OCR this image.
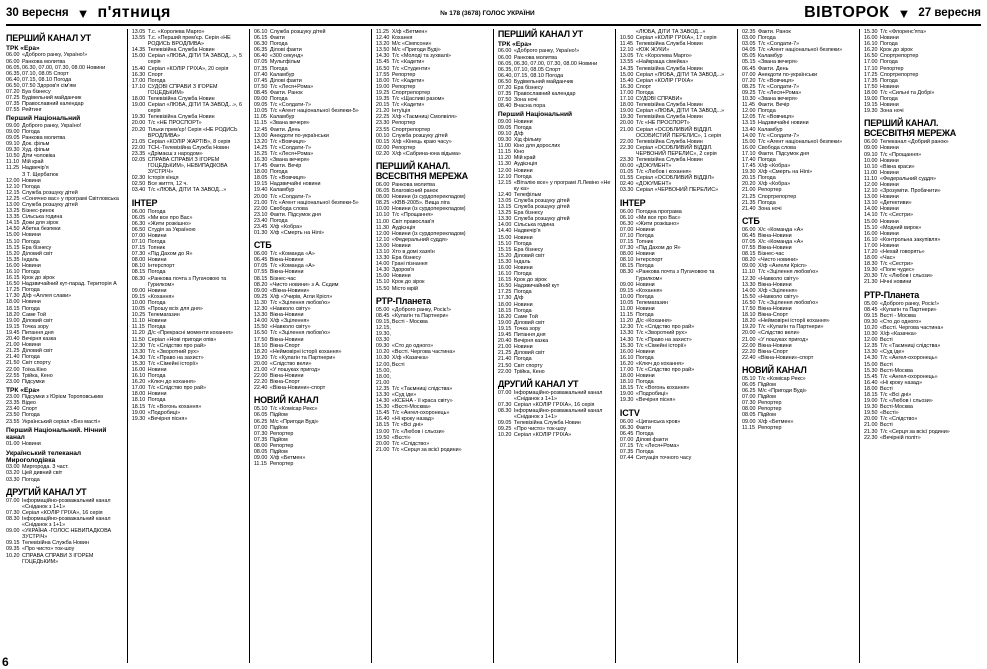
30 вересня ▼ п'ятниця	№ 178 (3678) ГОЛОС УКРАЇНИ	ВІВТОРОК ▼ 27 вересня
ПЕРШИЙ КАНАЛ УТ
ТРК «Ера»
06.00 «Доброго ранку, Україно!»
06.00 Ранкова молитва
06.05, 06.30, 07.00, 07.30, 08.00 Новини
06.35, 07.10, 08.05 Спорт
06.40, 07.15, 08.10 Погода
06.50, 07.50 Здоров'я сім'ям
07.20 Буа бізнесу
07.25 Будівельний майданчик
07.35 Православний календар
07.55 Рейтинг
Перший Національний
09.00 Доброго ранку, Україно!
09.00 Погода
09.05 Ранкова молитва
09.10 Док. фільм
09.30 Худ. фільм
10.50 Діти чоловіка
11.10 Мій край
11.25 Надвечір'я
З Т. Щербатюк
12.00 Новини
12.10 Погода
12.15 Служба розшуку дітей
12.25 «Сонячно вас» у програмі Світловська
13.00 Служба розшуку дітей
13.25 Бізнес-ринок
13.35 Сільська година
14.15 Доки для зірок
14.50 Абетка безпеки
15.00 Новини
15.10 Погода
15.15 Ера бізнесу
15.20 Діловий світ
15.35 Індаль
16.00 Новини
16.10 Погода
16.15 Крок до зірок
16.50 Надзвичайний кут-парад. Територія А
17.25 Погода
17.30 Д/ф «Аллея слави»
18.00 Новини
18.15 Погода
18.20 Саме Той
19.00 Діловий світ
19.15 Точка зору
19.45 Питання дня
20.40 Вечірня казка
21.00 Новини
21.25 Діловий світ
21.40 Погода
21.50 Світ спорту
22.00 Тоїка.Кіно
22.55 Трійка, Кено
23.00 Підсумки
ТРК «Ера»
23.00 Підсумки з Юрієм Тороповським
23.35 Відео
23.40 Спорт
23.50 Погода
23.55 Український серіал «Без масті»
Перший Національний. Нічний канал
01.00 Новини
Український телеканал Мироголодівка
03.00 Миргорода. 3 част.
03.20 Цей дивний світ
03.30 Погода
ДРУГИЙ КАНАЛ УТ
07.00 Інформаційно-розважальний канал «Сніданок з 1+1»
07.30 Серіал «КОЛІР ГРІХА», 16 серія
08.30 Інформаційно-розважальний канал «Сніданок з 1+1»
09.00 «УКРАЇНА -ГОЛОС НЕВИПАДКОВА ЗУСТРІЧ»
09.15 Телевізійна Служба Новин
09.35 «Про чисто» ток-шоу
10.20 СПРАВА СПРАВИ З ІГОРЕМ ГОЦЕДЬКИМ»
13.05 Т.с. «Королева Марго»
13.55 Т.с. «Перший прем'єр. Серія «НЕ РОДИСЬ ВРОДЛИВА»
14.35 Телевізійна Служба Новин
15.00 Серіал «ЛЮБА, ДІТИ ТА ЗАВОД...», 5 серія
15.40 Серіал «КОЛІР ГРІХА», 20 серія
16.30 Спорт
17.00 Погода
17.10 СУДОВІ СПРАВИ З ІГОРЕМ ГОЦЕДЬКИМ»
18.00 Телевізійна Служба Новин
19.00 Серіал «ЛЮБА, ДІТИ ТА ЗАВОД...», 6 серія
19.30 Телевізійна Служба Новин
20.00 Т/с «НЕ ПРОСПОРТ»
20.20 Тільки прем'єр! Серія «НЕ РОДИСЬ ВРОДЛИВА»
21.05 Серіал «КОЛІР ЖАРТІВ», 8 серія
22.00 ТСН.-Телевізійна Служба Новин
23.35 «Дрімаєш з народом»
02.05 СПРАВА СПРАВИ З ІГОРЕМ ГОЦЕДЬКИМ», НЕВИПАДКОВА ЗУСТРІЧ»
02.30 Історія кінця
02.50 Все життя, 12 ч.
03.40 Т/с «ЛЮБА, ДІТИ ТА ЗАВОД...»
ІНТЕР
06.00 Погода
06.05 «Ми все про Вас»
06.30 «Жити розкішно»
06.50 Студія за Україною
07.00 Новини
07.10 Погода
07.15 Топник
07.30 «Під Дахом до Я»
08.00 Новини
08.10 Інтерспорт
08.15 Погода
08.30 «Ранкова почта з Пугачовою та Гурилком»
09.00 Новини
09.15 «Кохання»
10.00 Погода
10.05 «Прошу всіх для дня»
10.25 Телемагазин
11.10 Новини
11.15 Погода
11.20 Д/с «Прекрасні моменти кохання»
11.50 Серіал «Нові пригоди опів»
12.30 Т/с «Слідство про рай»
13.30 Т/с «Зворотний рух»
14.30 Т/с «Право на захист»
15.30 Т/с «Сімейні історії»
16.00 Новини
16.10 Погода
16.20 «Ключ до кохання»
17.00 Т/с «Слідство про рай»
18.00 Новини
18.10 Погода
18.15 Т/с «Вогонь кохання»
19.00 «Подробиці»
19.30 «Вечірня пісня»
06.10 Служба розшуку дітей
06.15 Факти
06.30 Погода
06.35 Ділові факти
06.40 «300 секунд»
07.05 Мультфільм
07.35 Погода
07.40 Каламбур
07.45 Ділові факти
07.50 Т/с «Леся+Рома»
08.45 Факти. Ранок
09.00 Погода
09.05 Т/с «Солдати-7»
10.05 Т/с «Агент національної безпеки-5»
11.05 Каламбур
11.15 «Звана вечеря»
12.45 Факти. День
13.00 Анекдоти по-українськи
13.20 Т/с «Вовчиця»
14.25 Т/с «Солдати-7»
15.25 Т/с «Леся+Рома»
16.30 «Звана вечеря»
17.45 Факти. Вечір
18.00 Погода
18.05 Т/с «Вовчиця»
19.15 Надзвичайні новини
19.40 Каламбур
20.00 Т/с «Солдати-7»
21.00 Т/с «Агент національної безпеки-5»
22.00 Свобода слова
23.10 Факти. Підсумок дня
23.40 Погода
23.45 Х/ф «Кобра»
01.30 Х/ф «Смерть на Нілі»
СТБ
06.00 Т/с «Команда «А»
06.45 Вікна-Новини
07.05 Т/с «Команда «А»
07.55 Вікна-Новини
08.15 Бізнес-час
08.20 «Чисто новини» з А. Сєдим
09.00 «Вікна-Новини»
09.25 Х/ф «Учирів, Агли Крісп»
11.30 Т/с «Зцілення любов'ю»
12.30 «Навколо світу»
13.30 Вікна-Новини
14.00 Х/ф «Зцілення»
15.50 «Навколо світу»
16.50 Т/с «Зцілення любов'ю»
17.50 Вікна-Новини
18.10 Вікна-Спорт
18.20 «Неймовірні історії кохання»
19.20 Т/с «Кулагін та Партнери»
20.00 «Слідство вели»
21.00 «У пошуках пригод»
22.00 Вікна-Новини
22.20 Вікна-Спорт
22.40 «Вікна-Новини»-спорт
НОВИЙ КАНАЛ
05.10 Т/с «Комісар Рекс»
06.05 Підйом
06.25 М/с «Пригоди Вуді»
07.00 Підйом
07.30 Репортер
07.35 Підйом
08.00 Репортер
08.05 Підйом
09.00 Х/ф «Бетмен»
11.15 Репортер
11.25 Х/ф «Бетмен»
12.40 Кохання
13.20 М/с «Сімпсони»
13.50 М/с «Пригоди Вуді»
14.30 Т/с «Молоді та зухвалі»
15.45 Т/с «Кадети»
16.50 Т/с «Студенти»
17.55 Репортер
18.00 Т/с «Кадети»
19.00 Репортер
19.25 Спортрепортер
19.35 Т/с «Щасливі разом»
20.15 Т/с «Кадети»
21.20 Інтуїція
22.25 Х/ф «Таємниці Смолвіля»
23.30 Репортер
23.55 Спортрепортер
00.10 Служба розшуку дітей
00.15 Х/ф «Кінець краю часу»
02.00 Репортер
02.20 Х/ф «Сабрина-юна відьма»
ПЕРШИЙ КАНАЛ. ВСЕСВІТНЯ МЕРЕЖА
06.00 Ранкова молитва
06.05 Благовісний ранок
08.00 Новини (із сурдоперекладом)
08.25 «КВВ-2005». Вища ліга
10.00 Новини (із сурдоперекладом)
10.10 Т/с «Прощання»
11.00 Світ православ'я
11.30 Аудієнція
12.00 Новини (із сурдоперекладом)
12.10 «Федеральний суддя»
13.00 Новини
13.10 Хто в домі хазяїн
13.30 Ера бізнесу
14.00 Грані пізнання
14.30 Здоров'я
15.00 Новини
15.10 Крок до зірок
15.50 Місто мрій
РТР-Планета
05.00 «Доброго ранку, Росіє!»
08.45 «Кулагін та Партнери»
09.15, 12.15, 19.30, 03.30
Вєсті - Москва
09.30 «Сто до одного»
10.20 «Вєсті. Чергова частина»
10.30 Х/ф «Казачка»
12.00, 15.00, 18.00, 21.00
Вєсті
12.35 Т/с «Таємниці слідства»
13.30 «Суд іде»
14.30 «КСЕНА - її краса світу»
15.30 «Вєсті-Москва»
15.45 Т/с «Ангел-охоронець»
16.40 «Ні кроку назад»
18.15 Т/с «Всі дні»
19.00 Т/с «Любов і сльози»
19.50 «Вєсті»
20.00 Т/с «Слідство»
21.00 Т/с «Серця за всієї родини»
ПЕРШИЙ КАНАЛ УТ
ТРК «Ера»
06.00 «Доброго ранку, Україно!»
06.00 Ранкова молитва
06.05, 06.30, 07.00, 07.30, 08.00 Новини
06.35, 07.10, 08.05 Спорт
06.40, 07.15, 08.10 Погода
06.50 Будівельний майданчик
07.20 Ера бізнесу
07.35 Православний календар
07.50 Зона ночі
08.40 Вчасна пора
Перший Національний
09.00 Новини
09.05 Погода
09.10 Д/ф
09.30 Хід фільму
11.00 Кіно для дорослих
11.15 Кіно
11.20 Мій край
11.30 Аудієнція
12.00 Новини
12.10 Погода
12.15 «Віталію все» у програмі Л.Левіно «Не ку ка»
12.40 Телефільм
13.05 Служба розшуку дітей
13.15 Служба розшуку дітей
13.25 Ера бізнесу
13.30 Служба розшуку дітей
14.00 Сільська година
14.40 Надвечір'я
15.00 Новини
15.10 Погода
15.15 Ера бізнесу
15.20 Діловий світ
15.30 Індаль
16.00 Новини
16.10 Погода
16.15 Крок до зірок
16.50 Надзвичайний кут
17.25 Погода
17.30 Д/ф
18.00 Новини
18.15 Погода
18.20 Саме Той
19.00 Діловий світ
19.15 Точка зору
19.45 Питання дня
20.40 Вечірня казка
21.00 Новини
21.25 Діловий світ
21.40 Погода
21.50 Світ спорту
22.00 Трійка, Кено
ДРУГИЙ КАНАЛ УТ
07.00 Інформаційно-розважальний канал «Сніданок з 1+1»
07.30 Серіал «КОЛІР ГРІХА», 16 серія
08.30 Інформаційно-розважальний канал «Сніданок з 1+1»
09.05 Телевізійна Служба Новин
09.25 «Про чисто» ток-шоу
10.20 Серіал «КОЛІР ГРІХА»
«ЛЮБА, ДІТИ ТА ЗАВОД...»
10.50 Серіал «КОЛІР ГРІХА», 17 серія
11.45 Телевізійна Служба Новин
12.10 «ЮЖ ЖУКИ»
13.05 Т/с «Королева Марго»
13.55 «Найкраща сімейка»
14.35 Телевізійна Служба Новин
15.00 Серіал «ЛЮБА, ДІТИ ТА ЗАВОД...»
15.40 Серіал «КОЛІР ГРІХА»
16.30 Спорт
17.00 Погода
17.10 СУДОВІ СПРАВИ»
18.00 Телевізійна Служба Новин
19.00 Серіал «ЛЮБА, ДІТИ ТА ЗАВОД...»
19.30 Телевізійна Служба Новин
20.00 Т/с «НЕ ПРОСПОРТ»
21.00 Серіал «ОСОБЛИВИЙ ВІДДІЛ. ОСОБИСТИЙ ПЕРЕЛИС», 1 серія
22.00 Телевізійна Служба Новин
22.30 Серіал «ОСОБЛИВИЙ ВІДДІЛ. ЧЕРВОНИЙ ПЕРЕЛИС», 2 серія
23.30 Телевізійна Служба Новин
00.00 «ДОКУМЕНТ»
01.05 Т/с «Любов і кохання»
01.55 Серіал «ОСОБЛИВИЙ ВІДДІЛ»
02.40 «ДОКУМЕНТ»
03.30 Серіал «ЧЕРВОНИЙ ПЕРЕЛИС»
ІНТЕР
06.00 Погодна програма
06.10 «Ми все про Вас»
06.30 «Жити розкішно»
07.00 Новини
07.10 Погода
07.15 Топник
07.30 «Під Дахом до Я»
08.00 Новини
08.10 Інтерспорт
08.15 Погода
08.30 «Ранкова почта з Пугачовою та Гурилком»
09.00 Новини
09.15 «Кохання»
10.00 Погода
10.05 Телемагазин
11.00 Новини
11.15 Погода
11.20 Д/с «Кохання»
12.30 Т/с «Слідство про рай»
13.30 Т/с «Зворотний рух»
14.30 Т/с «Право на захист»
15.30 Т/с «Сімейні історії»
16.00 Новини
16.10 Погода
16.20 «Ключ до кохання»
17.00 Т/с «Слідство про рай»
18.00 Новини
18.10 Погода
18.15 Т/с «Вогонь кохання»
19.00 «Подробиці»
19.30 «Вечірня пісня»
ICTV
06.00 «Циганська кров»
06.30 Факти
06.45 Погода
07.00 Ділові факти
07.15 Т/с «Леся+Рома»
07.35 Погода
07.44 Ситуація точного часу
02.35 Факти. Ранок
03.00 Погода
03.05 Т/с «Солдати-7»
04.05 Т/с «Агент національної безпеки»
05.05 Каламбур
05.15 «Звана вечеря»
06.45 Факти. День
07.00 Анекдоти по-українськи
07.20 Т/с «Вовчиця»
08.25 Т/с «Солдати-7»
09.25 Т/с «Леся+Рома»
10.30 «Звана вечеря»
11.45 Факти. Вечір
12.00 Погода
12.05 Т/с «Вовчиця»
13.15 Надзвичайні новини
13.40 Каламбур
14.00 Т/с «Солдати-7»
15.00 Т/с «Агент національної безпеки»
16.00 Свобода слова
17.10 Факти. Підсумок дня
17.40 Погода
17.45 Х/ф «Кобра»
19.30 Х/ф «Смерть на Нілі»
20.15 Погода
20.20 Х/ф «Кобра»
21.00 Репортер
21.25 Спортрепортер
21.35 Погода
21.40 Зона ночі
СТБ
06.00 Х/с «Команда «А»
06.45 Вікна-Новини
07.05 Х/с «Команда «А»
07.55 Вікна-Новини
08.15 Бізнес-час
08.20 «Чисто новини»
09.00 Х/ф «Ангели Крісп»
11.10 Т/с «Зцілення любов'ю»
12.30 «Навколо світу»
13.30 Вікна-Новини
14.00 Х/ф «Зцілення»
15.50 «Навколо світу»
16.50 Т/с «Зцілення любов'ю»
17.50 Вікна-Новини
18.10 Вікна-Спорт
18.20 «Неймовірні історії кохання»
19.20 Т/с «Кулагін та Партнери»
20.00 «Слідство вели»
21.00 «У пошуках пригод»
22.00 Вікна-Новини
22.20 Вікна-Спорт
22.40 «Вікна-Новини»-спорт
НОВИЙ КАНАЛ
05.10 Т/с «Комісар Рекс»
06.05 Підйом
06.25 М/с «Пригоди Вуді»
07.00 Підйом
07.30 Репортер
08.00 Репортер
08.05 Підйом
09.00 Х/ф «Бетмен»
11.15 Репортер
15.30 Т/с «Флоренс'ята»
16.00 Новини
16.10 Погода
16.20 Крок до зірок
16.50 Спортрепортер
17.00 Погода
17.10 Репортер
17.25 Спортрепортер
17.35 Погода
17.50 Новини
18.00 Т/с «Сильні та Добрі»
19.00 Погода
19.15 Новини
19.30 Зона ночі
ПЕРШИЙ КАНАЛ. ВСЕСВІТНЯ МЕРЕЖА
06.00 Телеканал «Добрий ранок»
09.00 Новини
09.10 Т/с «Прощання»
10.00 Новини
10.10 «Вікна краси»
11.00 Новини
11.10 «Федеральний суддя»
12.00 Новини
12.10 «Зрозуміти. Пробачити»
13.00 Новини
13.10 «Детективи»
14.00 Новини
14.10 Т/с «Сестри»
15.00 Новини
15.10 «Модний вирок»
16.00 Новини
16.10 «Контрольна закупівля»
17.00 Новини
17.20 «Нехай говорять»
18.00 «Час»
18.30 Т/с «Сестри»
19.30 «Поле чудес»
20.30 Т/с «Любов і сльози»
21.30 Нічні новини
РТР-Планета
05.00 «Доброго ранку, Росіє!»
08.45 «Кулагін та Партнери»
09.15 Вєсті - Москва
09.30 «Сто до одного»
10.20 «Вєсті. Чергова частина»
10.30 Х/ф «Казачка»
12.00 Вєсті
12.35 Т/с «Таємниці слідства»
13.30 «Суд іде»
14.30 Т/с «Ангел-охоронець»
15.00 Вєсті
15.30 Вєсті-Москва
15.45 Т/с «Ангел-охоронець»
16.40 «Ні кроку назад»
18.00 Вєсті
18.15 Т/с «Всі дні»
19.00 Т/с «Любов і сльози»
19.30 Вєсті-Москва
19.50 «Вєсті»
20.00 Т/с «Слідство»
21.00 Вєсті
21.30 Т/с «Серця за всієї родини»
22.30 «Вечірній політ»
6
